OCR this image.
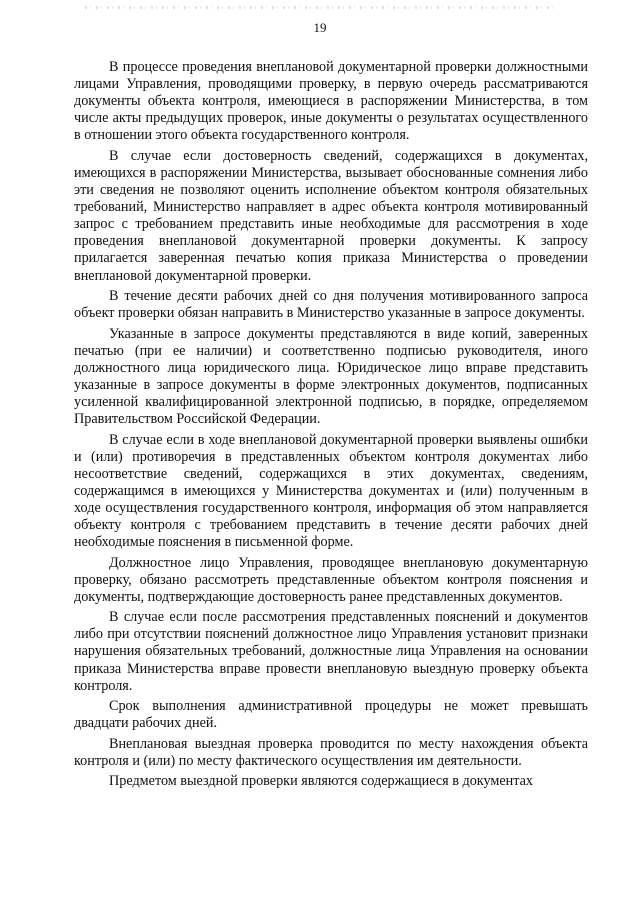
19

В процессе проведения внеплановой документарной проверки должностными лицами Управления, проводящими проверку, в первую очередь рассматриваются документы объекта контроля, имеющиеся в распоряжении Министерства, в том числе акты предыдущих проверок, иные документы о результатах осуществленного в отношении этого объекта государственного контроля.

В случае если достоверность сведений, содержащихся в документах, имеющихся в распоряжении Министерства, вызывает обоснованные сомнения либо эти сведения не позволяют оценить исполнение объектом контроля обязательных требований, Министерство направляет в адрес объекта контроля мотивированный запрос с требованием представить иные необходимые для рассмотрения в ходе проведения внеплановой документарной проверки документы. К запросу прилагается заверенная печатью копия приказа Министерства о проведении внеплановой документарной проверки.

В течение десяти рабочих дней со дня получения мотивированного запроса объект проверки обязан направить в Министерство указанные в запросе документы.

Указанные в запросе документы представляются в виде копий, заверенных печатью (при ее наличии) и соответственно подписью руководителя, иного должностного лица юридического лица. Юридическое лицо вправе представить указанные в запросе документы в форме электронных документов, подписанных усиленной квалифицированной электронной подписью, в порядке, определяемом Правительством Российской Федерации.

В случае если в ходе внеплановой документарной проверки выявлены ошибки и (или) противоречия в представленных объектом контроля документах либо несоответствие сведений, содержащихся в этих документах, сведениям, содержащимся в имеющихся у Министерства документах и (или) полученным в ходе осуществления государственного контроля, информация об этом направляется объекту контроля с требованием представить в течение десяти рабочих дней необходимые пояснения в письменной форме.

Должностное лицо Управления, проводящее внеплановую документарную проверку, обязано рассмотреть представленные объектом контроля пояснения и документы, подтверждающие достоверность ранее представленных документов.

В случае если после рассмотрения представленных пояснений и документов либо при отсутствии пояснений должностное лицо Управления установит признаки нарушения обязательных требований, должностные лица Управления на основании приказа Министерства вправе провести внеплановую выездную проверку объекта контроля.

Срок выполнения административной процедуры не может превышать двадцати рабочих дней.

Внеплановая выездная проверка проводится по месту нахождения объекта контроля и (или) по месту фактического осуществления им деятельности.

Предметом выездной проверки являются содержащиеся в документах
